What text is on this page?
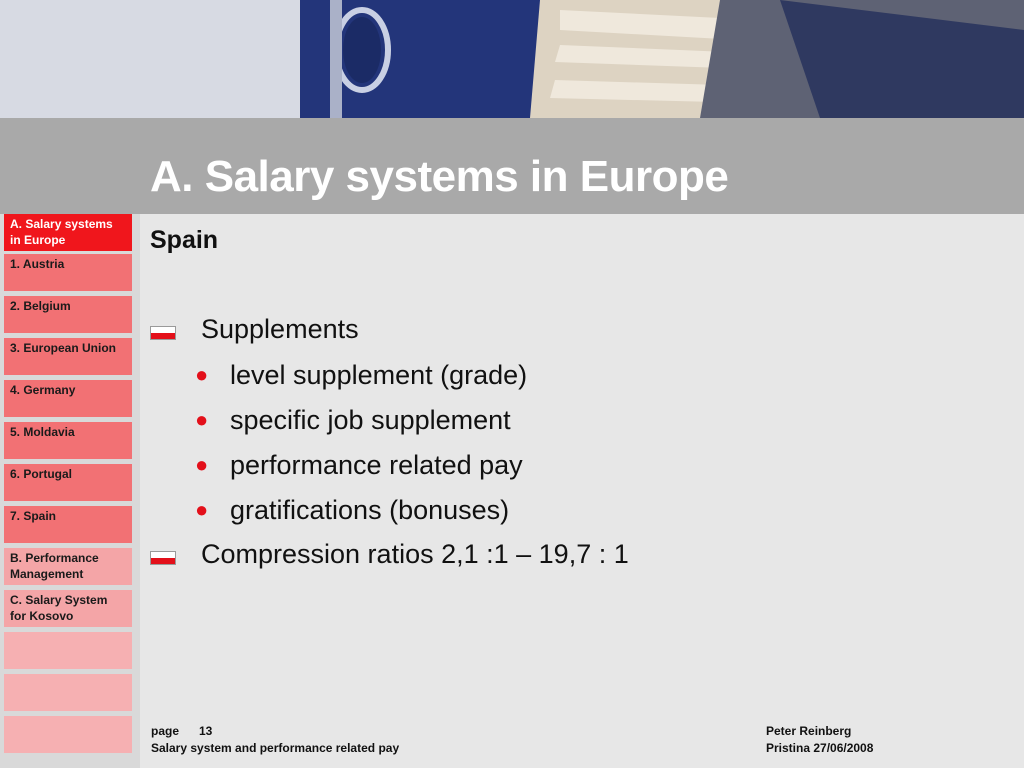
A. Salary systems in Europe
A. Salary systems in Europe
1. Austria
2. Belgium
3. European Union
4. Germany
5. Moldavia
6. Portugal
7. Spain
B. Performance Management
C. Salary System for Kosovo
Spain
Supplements
● level supplement (grade)
● specific job supplement
● performance related pay
● gratifications (bonuses)
Compression ratios 2,1 :1 – 19,7 : 1
page 13
Salary system and performance related pay
Peter Reinberg
Pristina 27/06/2008
